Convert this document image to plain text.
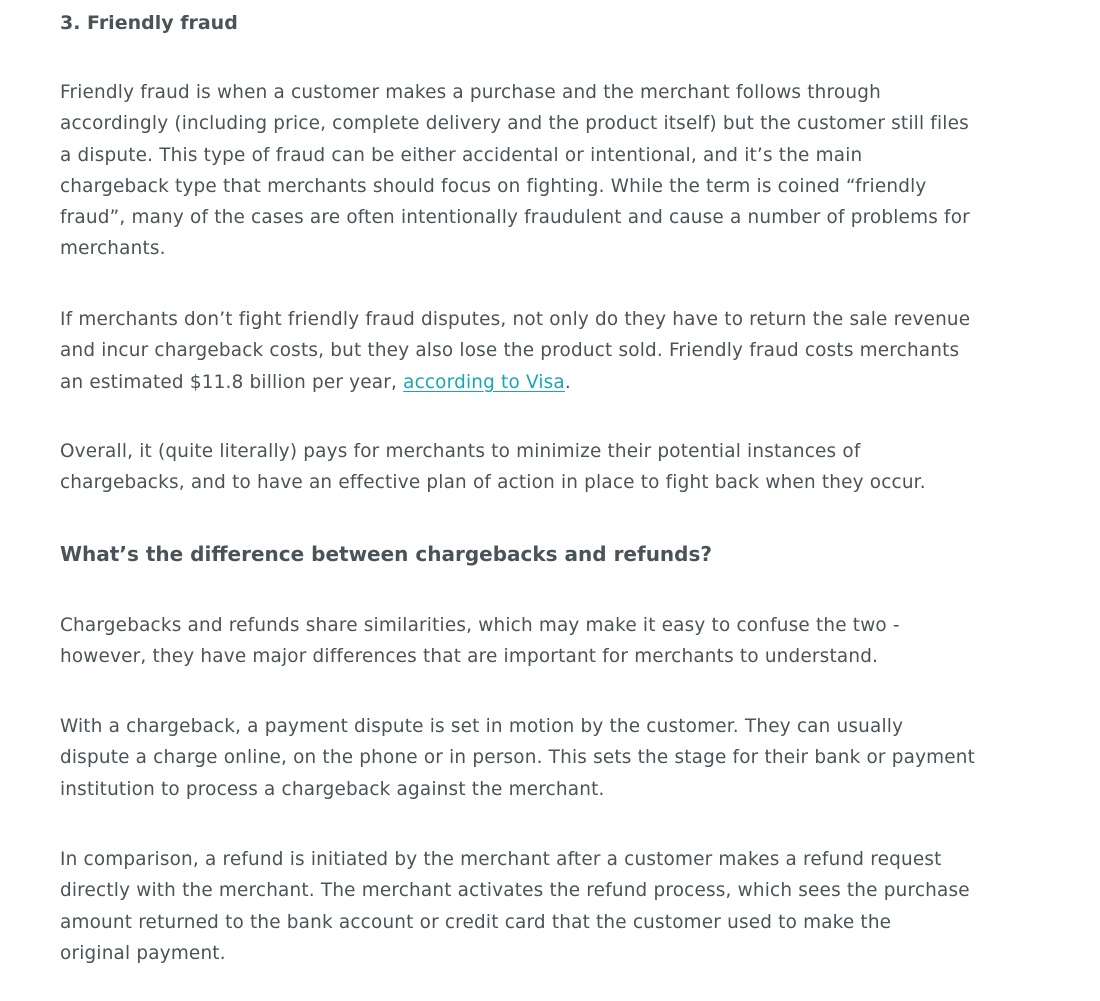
3. Friendly fraud

Friendly fraud is when a customer makes a purchase and the merchant follows through
accordingly (including price, complete delivery and the product itself) but the customer still files
a dispute. This type of fraud can be either accidental or intentional, and it’s the main
chargeback type that merchants should focus on fighting. While the term is coined “friendly
fraud”, many of the cases are often intentionally fraudulent and cause a number of problems for
merchants.

If merchants don’t fight friendly fraud disputes, not only do they have to return the sale revenue
and incur chargeback costs, but they also lose the product sold. Friendly fraud costs merchants
an estimated $11.8 billion per year, according to Visa.

Overall, it (quite literally) pays for merchants to minimize their potential instances of
chargebacks, and to have an effective plan of action in place to fight back when they occur.

What’s the difference between chargebacks and refunds?

Chargebacks and refunds share similarities, which may make it easy to confuse the two -
however, they have major differences that are important for merchants to understand.

With a chargeback, a payment dispute is set in motion by the customer. They can usually
dispute a charge online, on the phone or in person. This sets the stage for their bank or payment
institution to process a chargeback against the merchant.

In comparison, a refund is initiated by the merchant after a customer makes a refund request
directly with the merchant. The merchant activates the refund process, which sees the purchase
amount returned to the bank account or credit card that the customer used to make the
original payment.
